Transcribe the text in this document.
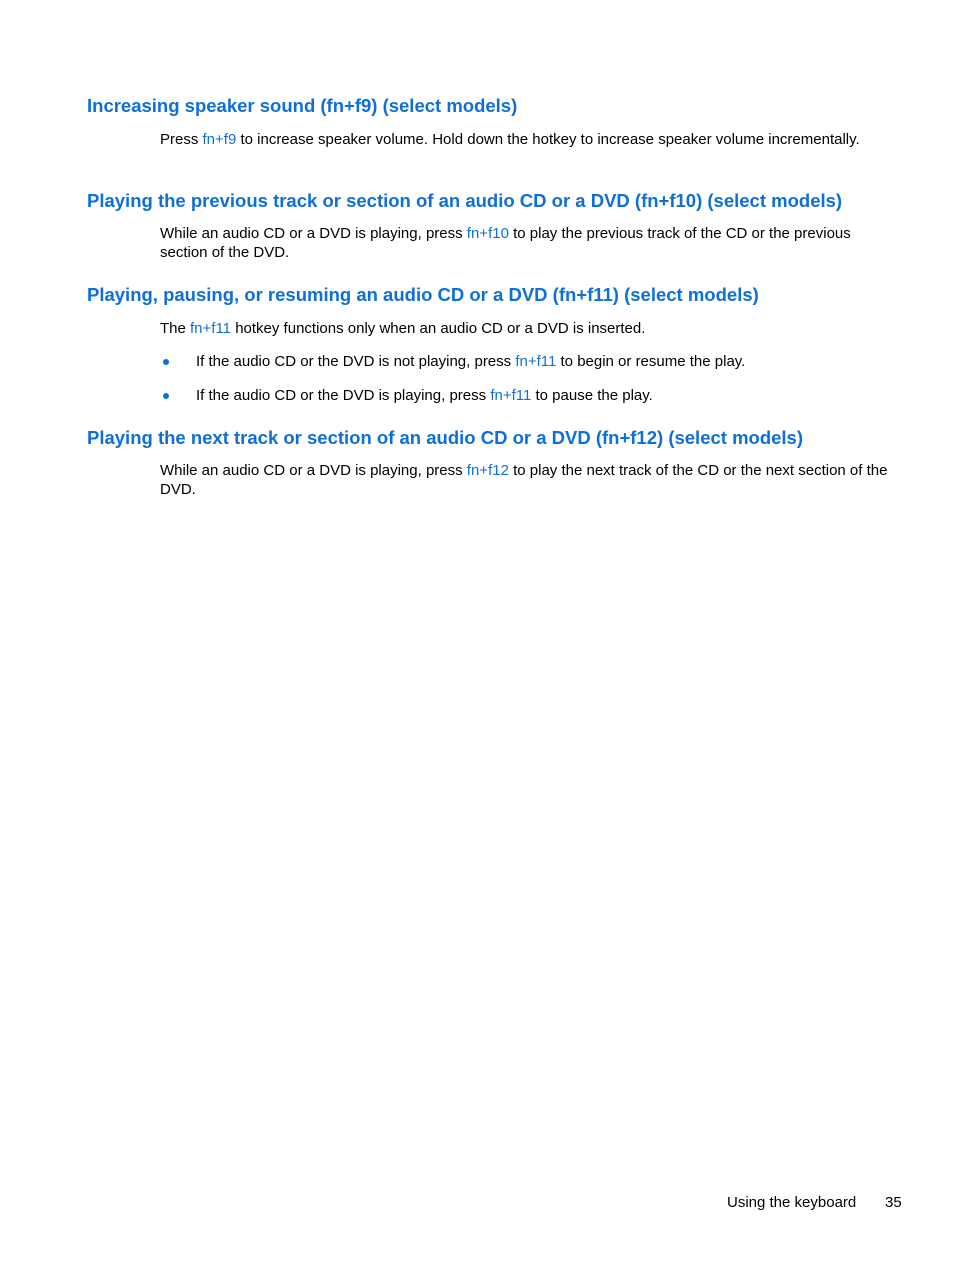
Increasing speaker sound (fn+f9) (select models)

Press fn+f9 to increase speaker volume. Hold down the hotkey to increase speaker volume incrementally.

Playing the previous track or section of an audio CD or a DVD (fn+f10) (select models)

While an audio CD or a DVD is playing, press fn+f10 to play the previous track of the CD or the previous section of the DVD.

Playing, pausing, or resuming an audio CD or a DVD (fn+f11) (select models)

The fn+f11 hotkey functions only when an audio CD or a DVD is inserted.

If the audio CD or the DVD is not playing, press fn+f11 to begin or resume the play.

If the audio CD or the DVD is playing, press fn+f11 to pause the play.

Playing the next track or section of an audio CD or a DVD (fn+f12) (select models)

While an audio CD or a DVD is playing, press fn+f12 to play the next track of the CD or the next section of the DVD.

Using the keyboard 35
